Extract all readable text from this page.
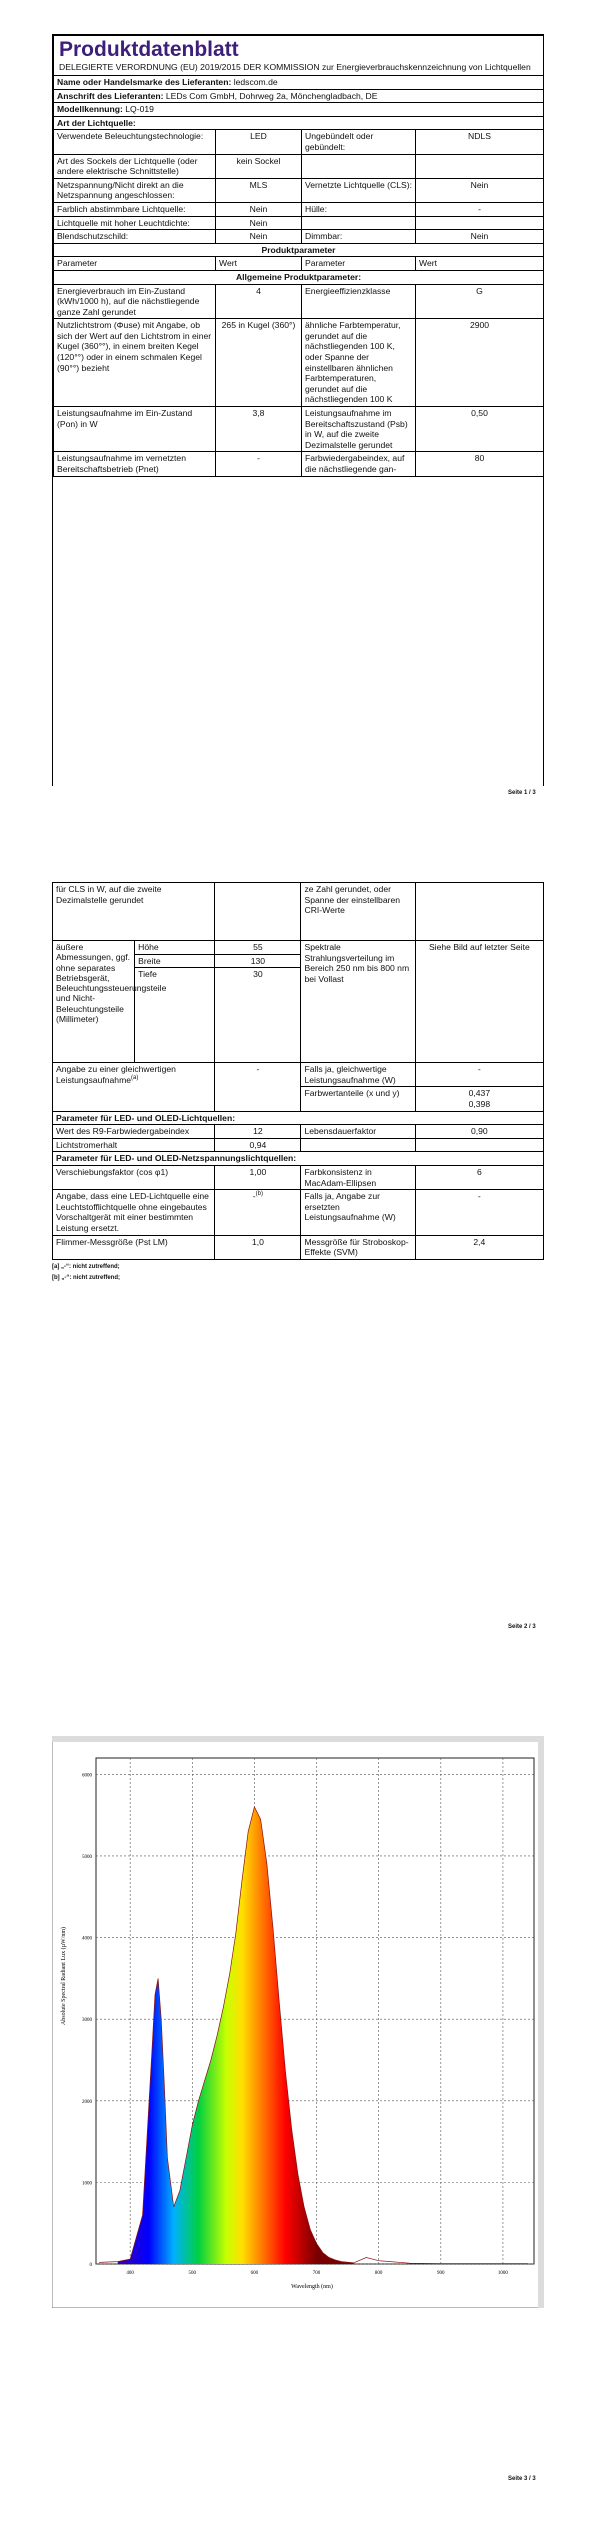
Produktdatenblatt
DELEGIERTE VERORDNUNG (EU) 2019/2015 DER KOMMISSION zur Energieverbrauchskennzeichnung von Lichtquellen			

Name oder Handelsmarke des Lieferanten: ledscom.de			
Anschrift des Lieferanten: LEDs Com GmbH, Dohrweg 2a, Mönchengladbach, DE			
Modellkennung: LQ-019			
Art der Lichtquelle:			
Verwendete Beleuchtungstechnologie:	LED	Ungebündelt oder gebündelt:	NDLS
Art des Sockels der Lichtquelle (oder andere elektrische Schnittstelle)	kein Sockel		
Netzspannung/Nicht direkt an die Netzspannung angeschlossen:	MLS	Vernetzte Lichtquelle (CLS):	Nein
Farblich abstimmbare Lichtquelle:	Nein	Hülle:	-
Lichtquelle mit hoher Leuchtdichte:	Nein		
Blendschutzschild:	Nein	Dimmbar:	Nein
Produktparameter			
Parameter	Wert	Parameter	Wert
Allgemeine Produktparameter:			
Energieverbrauch im Ein-Zustand (kWh/1000 h), auf die nächstliegende ganze Zahl gerundet	4	Energieeffizienzklasse	G
Nutzlichtstrom (Φuse) mit Angabe, ob sich der Wert auf den Lichtstrom in einer Kugel (360°°), in einem breiten Kegel (120°°) oder in einem schmalen Kegel (90°°) bezieht	265 in Kugel (360°)	ähnliche Farbtemperatur, gerundet auf die nächstliegenden 100 K, oder Spanne der einstellbaren ähnlichen Farbtemperaturen, gerundet auf die nächstliegenden 100 K	2900
Leistungsaufnahme im Ein-Zustand (Pon) in W	3,8	Leistungsaufnahme im Bereitschaftszustand (Psb) in W, auf die zweite Dezimalstelle gerundet	0,50
Leistungsaufnahme im vernetzten Bereitschaftsbetrieb (Pnet)	-	Farbwiedergabeindex, auf die nächstliegende gan-	80
Seite 1 / 3
für CLS in W, auf die zweite Dezimalstelle gerundet			ze Zahl gerundet, oder Spanne der einstellbaren CRI-Werte	
äußere Abmessungen, ggf. ohne separates Betriebsgerät, Beleuchtungssteuerungsteile und Nicht-Beleuchtungsteile (Millimeter)	Höhe	55	Spektrale Strahlungsverteilung im Bereich 250 nm bis 800 nm bei Vollast	Siehe Bild auf letzter Seite
	Breite	130		
	Tiefe	30		
Angabe zu einer gleichwertigen Leistungsaufnahme$^{(a)}$		-	Falls ja, gleichwertige Leistungsaufnahme (W)	-
			Farbwertanteile (x und y)	0,437
0,398

Parameter für LED- und OLED-Lichtquellen:				
Wert des R9-Farbwiedergabeindex		12	Lebensdauerfaktor	0,90
Lichtstromerhalt		0,94		
Parameter für LED- und OLED-Netzspannungslichtquellen:				
Verschiebungsfaktor (cos φ1)		1,00	Farbkonsistenz in MacAdam-Ellipsen	6
Angabe, dass eine LED-Lichtquelle eine Leuchtstofflichtquelle ohne eingebautes Vorschaltgerät mit einer bestimmten Leistung ersetzt.		-$^{(b)}$	Falls ja, Angabe zur ersetzten Leistungsaufnahme (W)	-
Flimmer-Messgröße (Pst LM)		1,0	Messgröße für Stroboskop-Effekte (SVM)	2,4
[a] „-“: nicht zutreffend;
[b] „-“: nicht zutreffend;
Seite 2 / 3
0
1000
2000
3000
4000
5000
6000
400	500	600	700	800	900	1000
Wavelength (nm)
Absolute Spectral Radiant Lux (µW/nm)
Seite 3 / 3
